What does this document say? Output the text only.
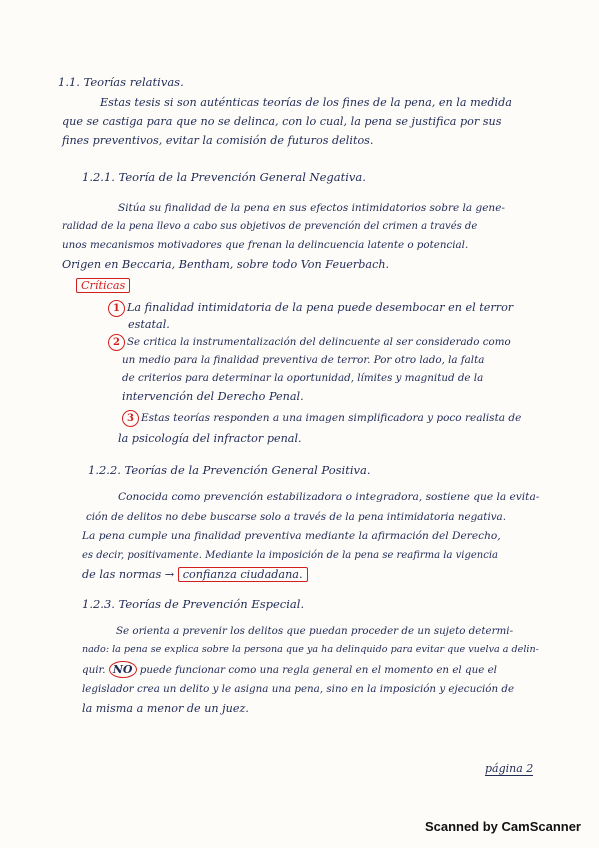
1.1. Teorías relativas.
Estas tesis si son auténticas teorías de los fines de la pena, en la medida
que se castiga para que no se delinca, con lo cual, la pena se justifica por sus
fines preventivos, evitar la comisión de futuros delitos.
1.2.1. Teoría de la Prevención General Negativa.
Sitúa su finalidad de la pena en sus efectos intimidatorios sobre la gene-
ralidad de la pena llevo a cabo sus objetivos de prevención del crimen a través de
unos mecanismos motivadores que frenan la delincuencia latente o potencial.
Origen en Beccaria, Bentham, sobre todo Von Feuerbach.
Críticas
1 La finalidad intimidatoria de la pena puede desembocar en el terror
estatal.
2 Se critica la instrumentalización del delincuente al ser considerado como
un medio para la finalidad preventiva de terror. Por otro lado, la falta
de criterios para determinar la oportunidad, límites y magnitud de la
intervención del Derecho Penal.
3 Estas teorías responden a una imagen simplificadora y poco realista de
la psicología del infractor penal.
1.2.2. Teorías de la Prevención General Positiva.
Conocida como prevención estabilizadora o integradora, sostiene que la evita-
ción de delitos no debe buscarse solo a través de la pena intimidatoria negativa.
La pena cumple una finalidad preventiva mediante la afirmación del Derecho,
es decir, positivamente. Mediante la imposición de la pena se reafirma la vigencia
de las normas → confianza ciudadana.
1.2.3. Teorías de Prevención Especial.
Se orienta a prevenir los delitos que puedan proceder de un sujeto determi-
nado: la pena se explica sobre la persona que ya ha delinquido para evitar que vuelva a delin-
quir. NO puede funcionar como una regla general en el momento en el que el
legislador crea un delito y le asigna una pena, sino en la imposición y ejecución de
la misma a menor de un juez.
página 2
Scanned by CamScanner
